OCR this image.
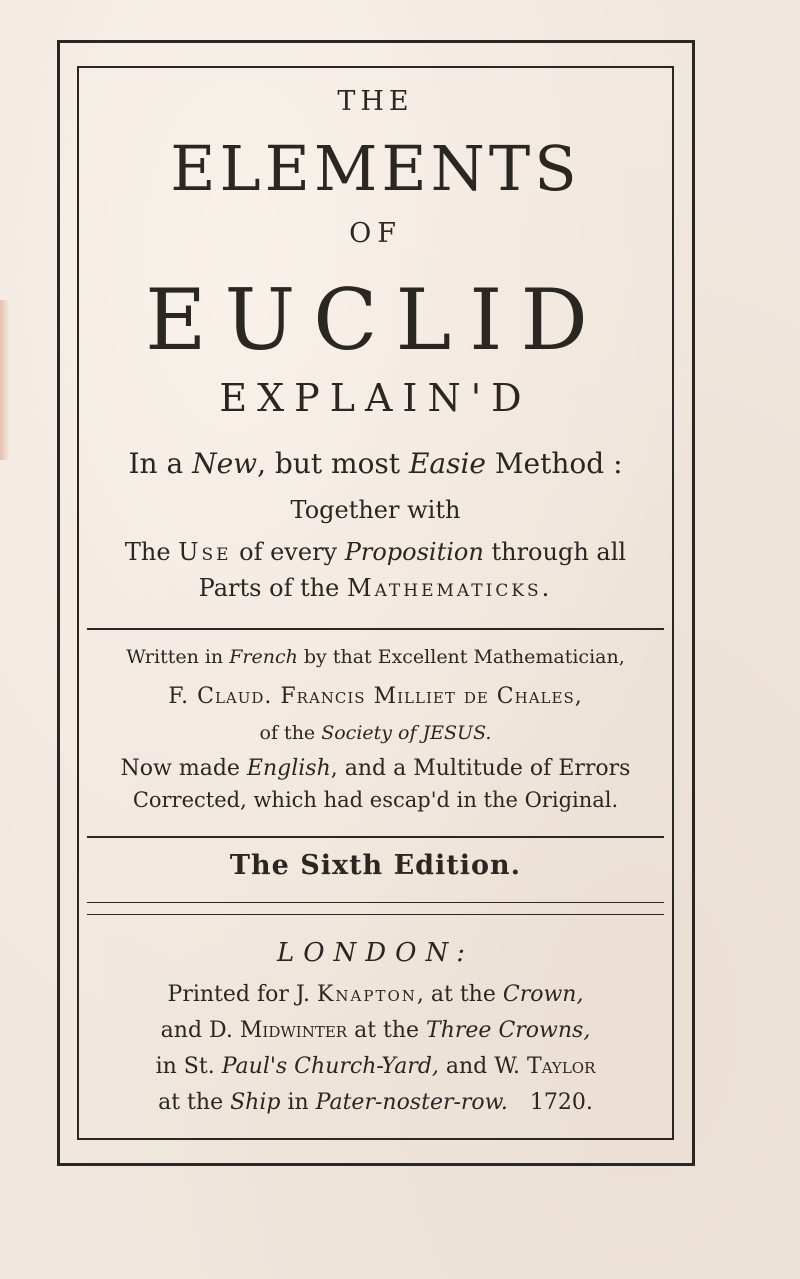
THE
ELEMENTS
OF
EUCLID
EXPLAIN'D
In a New, but most Easie Method :
Together with
The Use of every Proposition through all
Parts of the Mathematicks.
Written in French by that Excellent Mathematician,
F. Claud. Francis Milliet de Chales,
of the Society of JESUS.
Now made English, and a Multitude of Errors
Corrected, which had escap'd in the Original.
The Sixth Edition.
LONDON:
Printed for J. Knapton, at the Crown,
and D. Midwinter at the Three Crowns,
in St. Paul's Church-Yard, and W. Taylor
at the Ship in Pater-noster-row. 1720.
